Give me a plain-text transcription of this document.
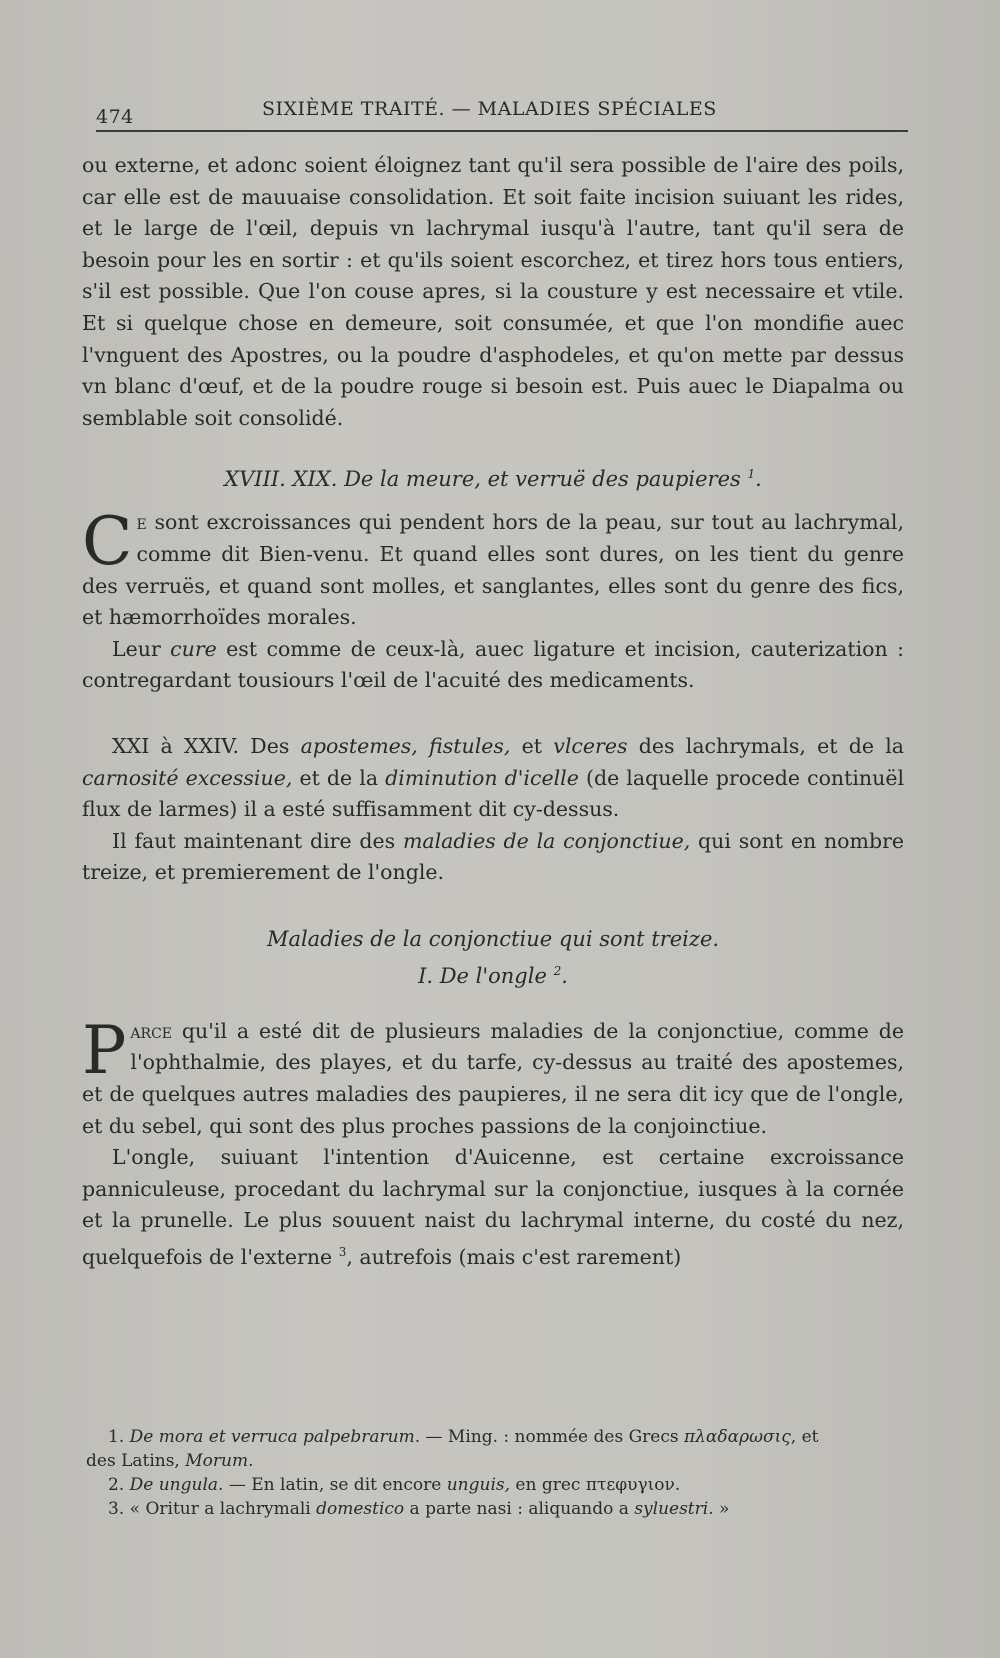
474	SIXIÈME TRAITÉ. — MALADIES SPÉCIALES

ou externe, et adonc soient éloignez tant qu'il sera possible de l'aire des poils, car elle est de mauuaise consolidation. Et soit faite incision suiuant les rides, et le large de l'œil, depuis vn lachrymal iusqu'à l'autre, tant qu'il sera de besoin pour les en sortir : et qu'ils soient escorchez, et tirez hors tous entiers, s'il est possible. Que l'on couse apres, si la cousture y est necessaire et vtile. Et si quelque chose en demeure, soit consumée, et que l'on mondifie auec l'vnguent des Apostres, ou la poudre d'asphodeles, et qu'on mette par dessus vn blanc d'œuf, et de la poudre rouge si besoin est. Puis auec le Diapalma ou semblable soit consolidé.

XVIII. XIX. De la meure, et verruë des paupieres $^1$.

Ce sont excroissances qui pendent hors de la peau, sur tout au lachrymal, comme dit Bien-venu. Et quand elles sont dures, on les tient du genre des verruës, et quand sont molles, et sanglantes, elles sont du genre des fics, et hæmorrhoïdes morales.

Leur cure est comme de ceux-là, auec ligature et incision, cauterization : contregardant tousiours l'œil de l'acuité des medicaments.

XXI à XXIV. Des apostemes, fistules, et vlceres des lachrymals, et de la carnosité excessiue, et de la diminution d'icelle (de laquelle procede continuël flux de larmes) il a esté suffisamment dit cy-dessus.

Il faut maintenant dire des maladies de la conjonctiue, qui sont en nombre treize, et premierement de l'ongle.

Maladies de la conjonctiue qui sont treize.

I. De l'ongle $^2$.

Parce qu'il a esté dit de plusieurs maladies de la conjonctiue, comme de l'ophthalmie, des playes, et du tarfe, cy-dessus au traité des apostemes, et de quelques autres maladies des paupieres, il ne sera dit icy que de l'ongle, et du sebel, qui sont des plus proches passions de la conjoinctiue.

L'ongle, suiuant l'intention d'Auicenne, est certaine excroissance panniculeuse, procedant du lachrymal sur la conjonctiue, iusques à la cornée et la prunelle. Le plus souuent naist du lachrymal interne, du costé du nez, quelquefois de l'externe $^3$, autrefois (mais c'est rarement)

1. De mora et verruca palpebrarum. — Ming. : nommée des Grecs πλαδαρωσις, et

des Latins, Morum.

2. De ungula. — En latin, se dit encore unguis, en grec πτεφυγιον.

3. « Oritur a lachrymali domestico a parte nasi : aliquando a syluestri. »
